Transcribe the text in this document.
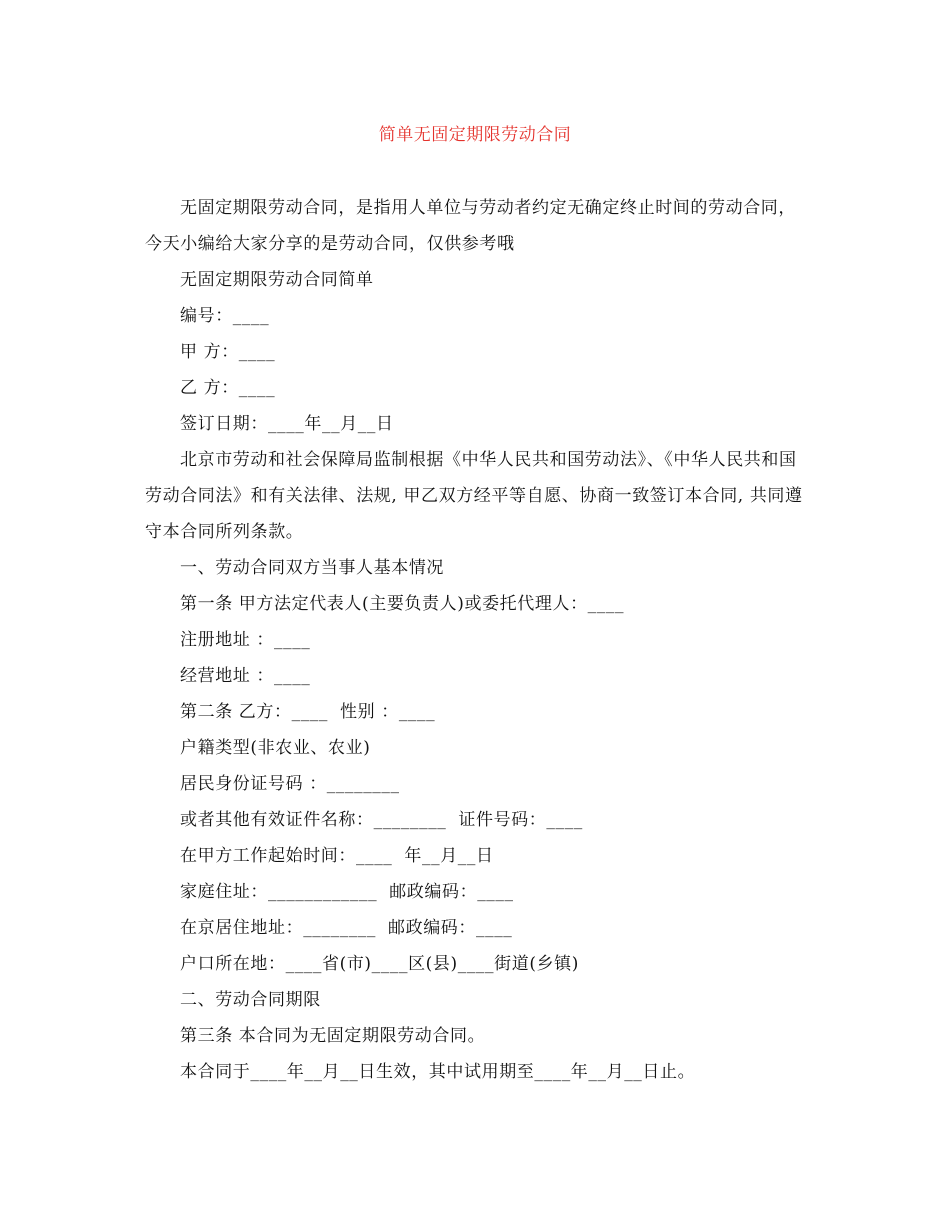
简单无固定期限劳动合同

无固定期限劳动合同，是指用人单位与劳动者约定无确定终止时间的劳动合同，今天小编给大家分享的是劳动合同，仅供参考哦

无固定期限劳动合同简单

编号：____

甲 方：____

乙 方：____

签订日期：____年__月__日

北京市劳动和社会保障局监制根据《中华人民共和国劳动法》、《中华人民共和国劳动合同法》和有关法律、法规, 甲乙双方经平等自愿、协商一致签订本合同, 共同遵守本合同所列条款。

一、劳动合同双方当事人基本情况

第一条 甲方法定代表人(主要负责人)或委托代理人：____

注册地址 ：____

经营地址 ：____

第二条 乙方：____  性别 ：____

户籍类型(非农业、农业)

居民身份证号码 ：________

或者其他有效证件名称：________  证件号码：____

在甲方工作起始时间：____  年__月__日

家庭住址：____________  邮政编码：____

在京居住地址：________  邮政编码：____

户口所在地：____省(市)____区(县)____街道(乡镇)

二、劳动合同期限

第三条 本合同为无固定期限劳动合同。

本合同于____年__月__日生效，其中试用期至____年__月__日止。
